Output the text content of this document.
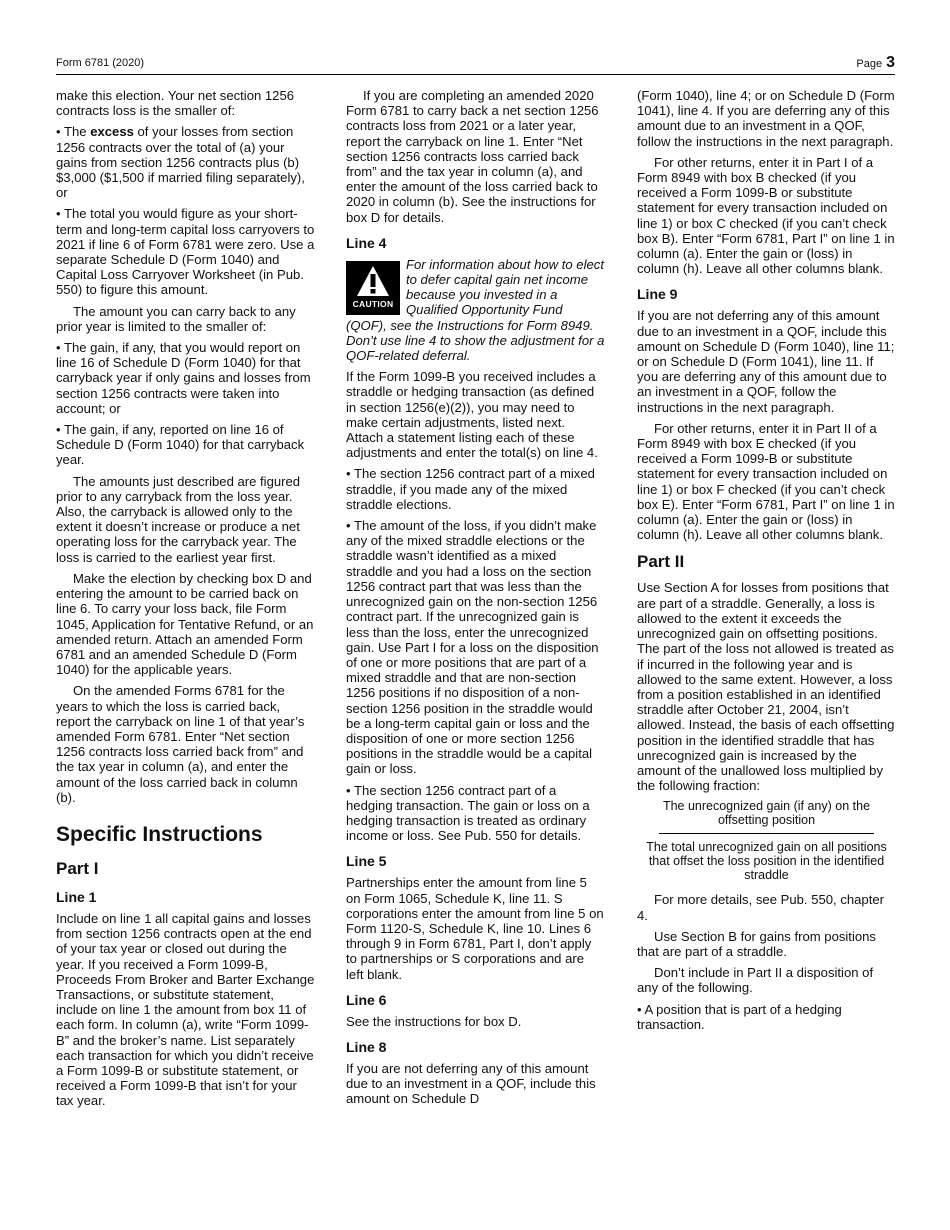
Form 6781 (2020)	Page 3

make this election. Your net section 1256 contracts loss is the smaller of:

• The excess of your losses from section 1256 contracts over the total of (a) your gains from section 1256 contracts plus (b) $3,000 ($1,500 if married filing separately), or

• The total you would figure as your short-term and long-term capital loss carryovers to 2021 if line 6 of Form 6781 were zero. Use a separate Schedule D (Form 1040) and Capital Loss Carryover Worksheet (in Pub. 550) to figure this amount.

The amount you can carry back to any prior year is limited to the smaller of:

• The gain, if any, that you would report on line 16 of Schedule D (Form 1040) for that carryback year if only gains and losses from section 1256 contracts were taken into account; or

• The gain, if any, reported on line 16 of Schedule D (Form 1040) for that carryback year.

The amounts just described are figured prior to any carryback from the loss year. Also, the carryback is allowed only to the extent it doesn’t increase or produce a net operating loss for the carryback year. The loss is carried to the earliest year first.

Make the election by checking box D and entering the amount to be carried back on line 6. To carry your loss back, file Form 1045, Application for Tentative Refund, or an amended return. Attach an amended Form 6781 and an amended Schedule D (Form 1040) for the applicable years.

On the amended Forms 6781 for the years to which the loss is carried back, report the carryback on line 1 of that year’s amended Form 6781. Enter “Net section 1256 contracts loss carried back from” and the tax year in column (a), and enter the amount of the loss carried back in column (b).

Specific Instructions
Part I
Line 1

Include on line 1 all capital gains and losses from section 1256 contracts open at the end of your tax year or closed out during the year. If you received a Form 1099-B, Proceeds From Broker and Barter Exchange Transactions, or substitute statement, include on line 1 the amount from box 11 of each form. In column (a), write “Form 1099-B” and the broker’s name. List separately each transaction for which you didn’t receive a Form 1099-B or substitute statement, or received a Form 1099-B that isn’t for your tax year.

If you are completing an amended 2020 Form 6781 to carry back a net section 1256 contracts loss from 2021 or a later year, report the carryback on line 1. Enter “Net section 1256 contracts loss carried back from” and the tax year in column (a), and enter the amount of the loss carried back to 2020 in column (b). See the instructions for box D for details.

Line 4
CAUTION
For information about how to elect to defer capital gain net income because you invested in a Qualified Opportunity Fund (QOF), see the Instructions for Form 8949. Don’t use line 4 to show the adjustment for a QOF-related deferral.

If the Form 1099-B you received includes a straddle or hedging transaction (as defined in section 1256(e)(2)), you may need to make certain adjustments, listed next. Attach a statement listing each of these adjustments and enter the total(s) on line 4.

• The section 1256 contract part of a mixed straddle, if you made any of the mixed straddle elections.

• The amount of the loss, if you didn’t make any of the mixed straddle elections or the straddle wasn’t identified as a mixed straddle and you had a loss on the section 1256 contract part that was less than the unrecognized gain on the non-section 1256 contract part. If the unrecognized gain is less than the loss, enter the unrecognized gain. Use Part I for a loss on the disposition of one or more positions that are part of a mixed straddle and that are non-section 1256 positions if no disposition of a non-section 1256 position in the straddle would be a long-term capital gain or loss and the disposition of one or more section 1256 positions in the straddle would be a capital gain or loss.

• The section 1256 contract part of a hedging transaction. The gain or loss on a hedging transaction is treated as ordinary income or loss. See Pub. 550 for details.

Line 5

Partnerships enter the amount from line 5 on Form 1065, Schedule K, line 11. S corporations enter the amount from line 5 on Form 1120-S, Schedule K, line 10. Lines 6 through 9 in Form 6781, Part I, don’t apply to partnerships or S corporations and are left blank.

Line 6

See the instructions for box D.

Line 8

If you are not deferring any of this amount due to an investment in a QOF, include this amount on Schedule D

(Form 1040), line 4; or on Schedule D (Form 1041), line 4. If you are deferring any of this amount due to an investment in a QOF, follow the instructions in the next paragraph.

For other returns, enter it in Part I of a Form 8949 with box B checked (if you received a Form 1099-B or substitute statement for every transaction included on line 1) or box C checked (if you can’t check box B). Enter “Form 6781, Part I” on line 1 in column (a). Enter the gain or (loss) in column (h). Leave all other columns blank.

Line 9

If you are not deferring any of this amount due to an investment in a QOF, include this amount on Schedule D (Form 1040), line 11; or on Schedule D (Form 1041), line 11. If you are deferring any of this amount due to an investment in a QOF, follow the instructions in the next paragraph.

For other returns, enter it in Part II of a Form 8949 with box E checked (if you received a Form 1099-B or substitute statement for every transaction included on line 1) or box F checked (if you can’t check box E). Enter “Form 6781, Part I” on line 1 in column (a). Enter the gain or (loss) in column (h). Leave all other columns blank.

Part II

Use Section A for losses from positions that are part of a straddle. Generally, a loss is allowed to the extent it exceeds the unrecognized gain on offsetting positions. The part of the loss not allowed is treated as if incurred in the following year and is allowed to the same extent. However, a loss from a position established in an identified straddle after October 21, 2004, isn’t allowed. Instead, the basis of each offsetting position in the identified straddle that has unrecognized gain is increased by the amount of the unallowed loss multiplied by the following fraction:

The unrecognized gain (if any) on the offsetting position
The total unrecognized gain on all positions that offset the loss position in the identified straddle

For more details, see Pub. 550, chapter 4.

Use Section B for gains from positions that are part of a straddle.

Don’t include in Part II a disposition of any of the following.

• A position that is part of a hedging transaction.
